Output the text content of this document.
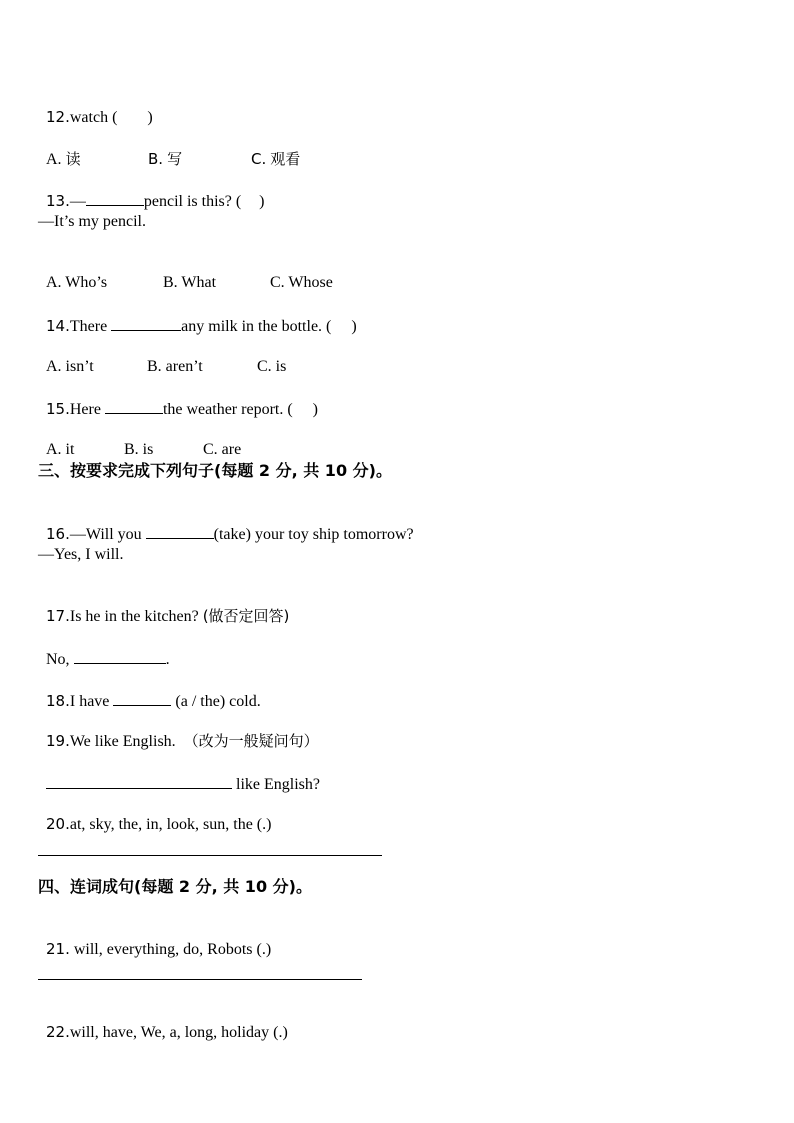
12.watch ( )

A. 读	B. 写	C. 观看

13.—	pencil is this? ( )

—It’s my pencil.

A. Who’s	B. What	C. Whose

14.There	any milk in the bottle. ( )

A. isn’t	B. aren’t	C. is

15.Here	the weather report. ( )

A. it	B. is	C. are

三、按要求完成下列句子(每题 2 分, 共 10 分)。

16.—Will you	(take) your toy ship tomorrow?

—Yes, I will.

17.Is he in the kitchen? (做否定回答)

No,	.

18.I have	(a / the) cold.

19.We like English.  （改为一般疑问句）

like English?

20.at, sky, the, in, look, sun, the (.)

四、连词成句(每题 2 分, 共 10 分)。

21. will, everything, do, Robots (.)

22.will, have, We, a, long, holiday (.)
